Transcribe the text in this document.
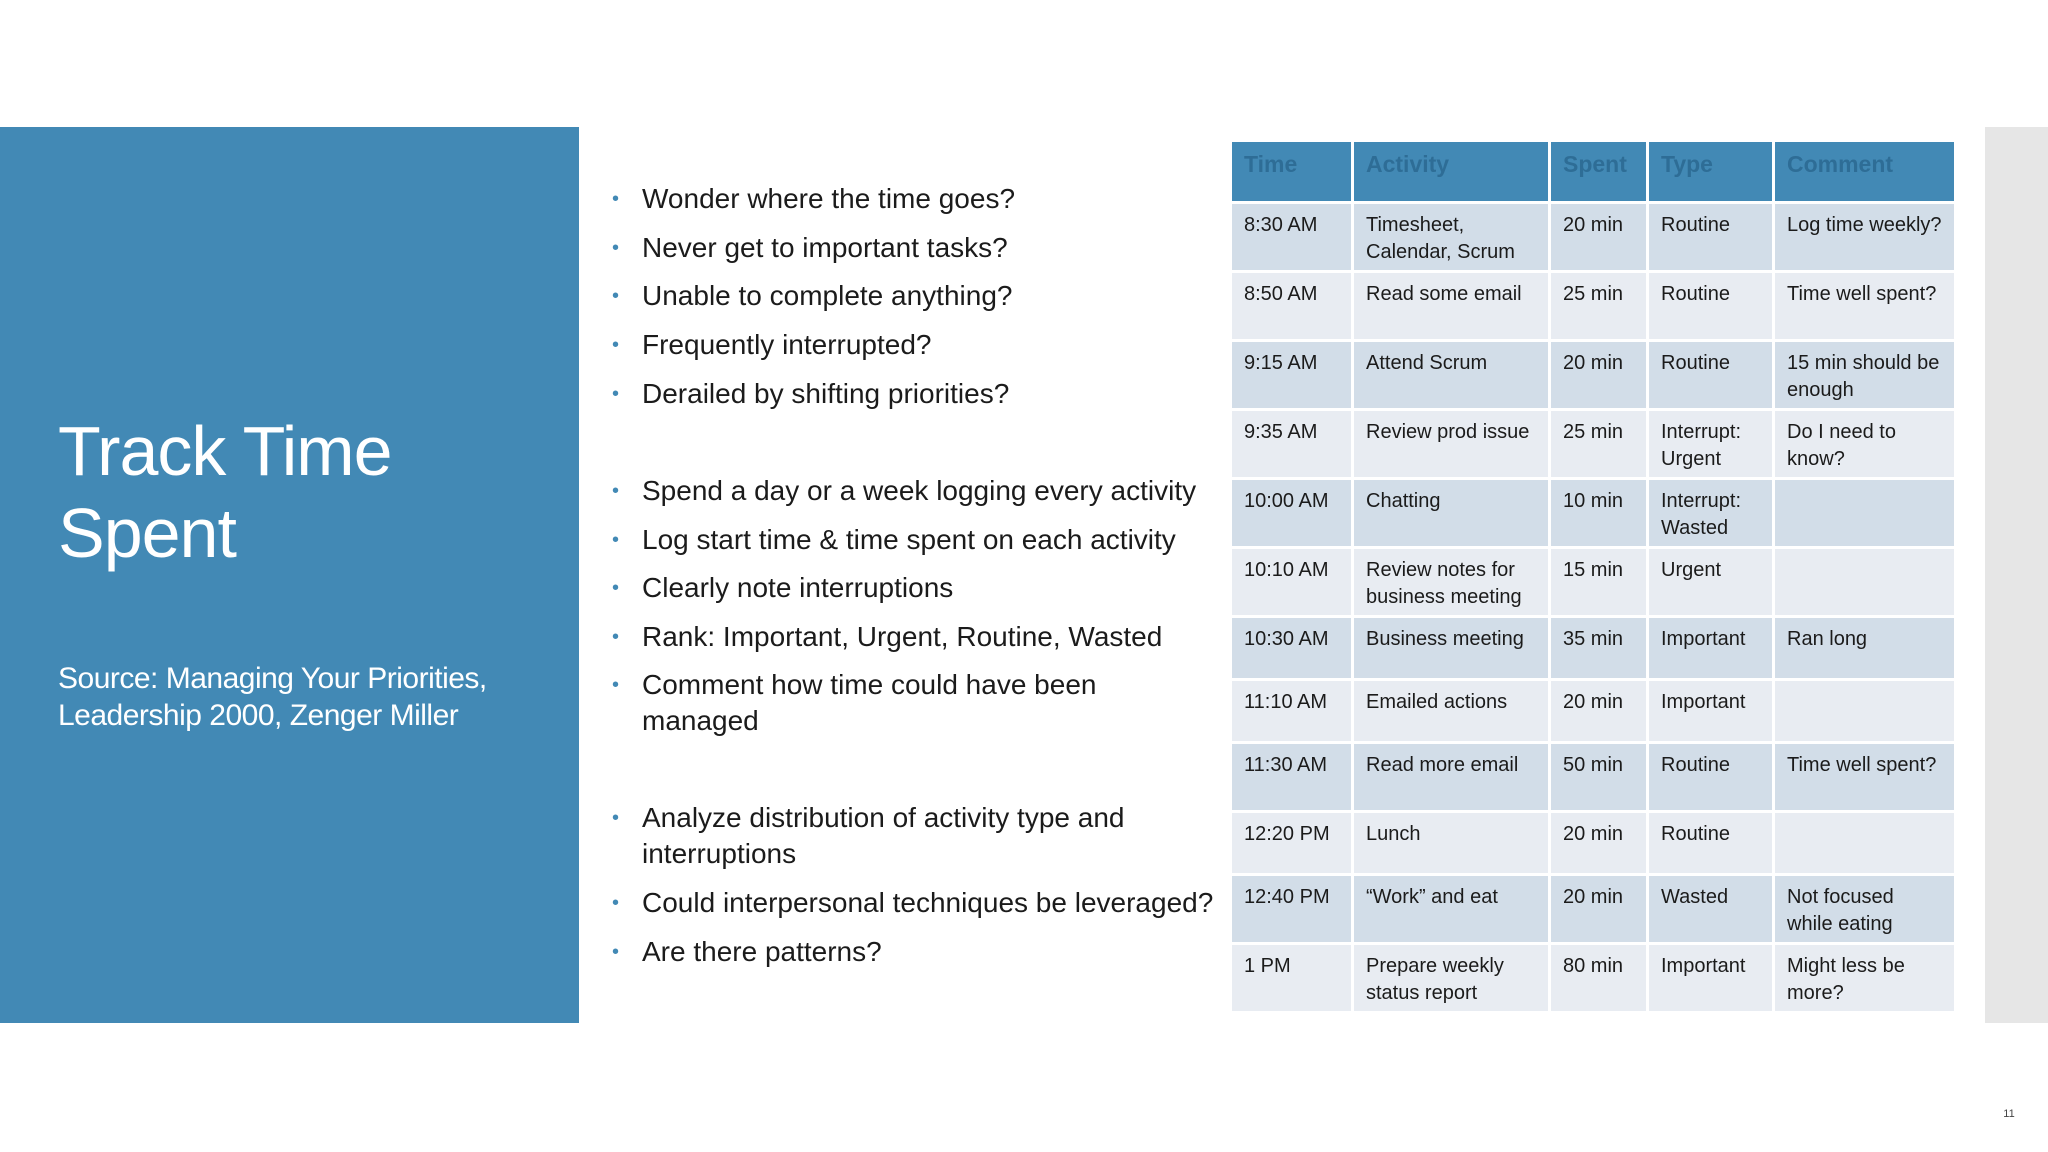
Track Time
Spent
Source: Managing Your Priorities,
Leadership 2000, Zenger Miller
• Wonder where the time goes?
• Never get to important tasks?
• Unable to complete anything?
• Frequently interrupted?
• Derailed by shifting priorities?
• Spend a day or a week logging every activity
• Log start time & time spent on each activity
• Clearly note interruptions
• Rank: Important, Urgent, Routine, Wasted
• Comment how time could have been managed
• Analyze distribution of activity type and interruptions
• Could interpersonal techniques be leveraged?
• Are there patterns?
Time	Activity	Spent	Type	Comment
8:30 AM	Timesheet, Calendar, Scrum	20 min	Routine	Log time weekly?
8:50 AM	Read some email	25 min	Routine	Time well spent?
9:15 AM	Attend Scrum	20 min	Routine	15 min should be enough
9:35 AM	Review prod issue	25 min	Interrupt: Urgent	Do I need to know?
10:00 AM	Chatting	10 min	Interrupt: Wasted	
10:10 AM	Review notes for business meeting	15 min	Urgent	
10:30 AM	Business meeting	35 min	Important	Ran long
11:10 AM	Emailed actions	20 min	Important	
11:30 AM	Read more email	50 min	Routine	Time well spent?
12:20 PM	Lunch	20 min	Routine	
12:40 PM	“Work” and eat	20 min	Wasted	Not focused while eating
1 PM	Prepare weekly status report	80 min	Important	Might less be more?
11
